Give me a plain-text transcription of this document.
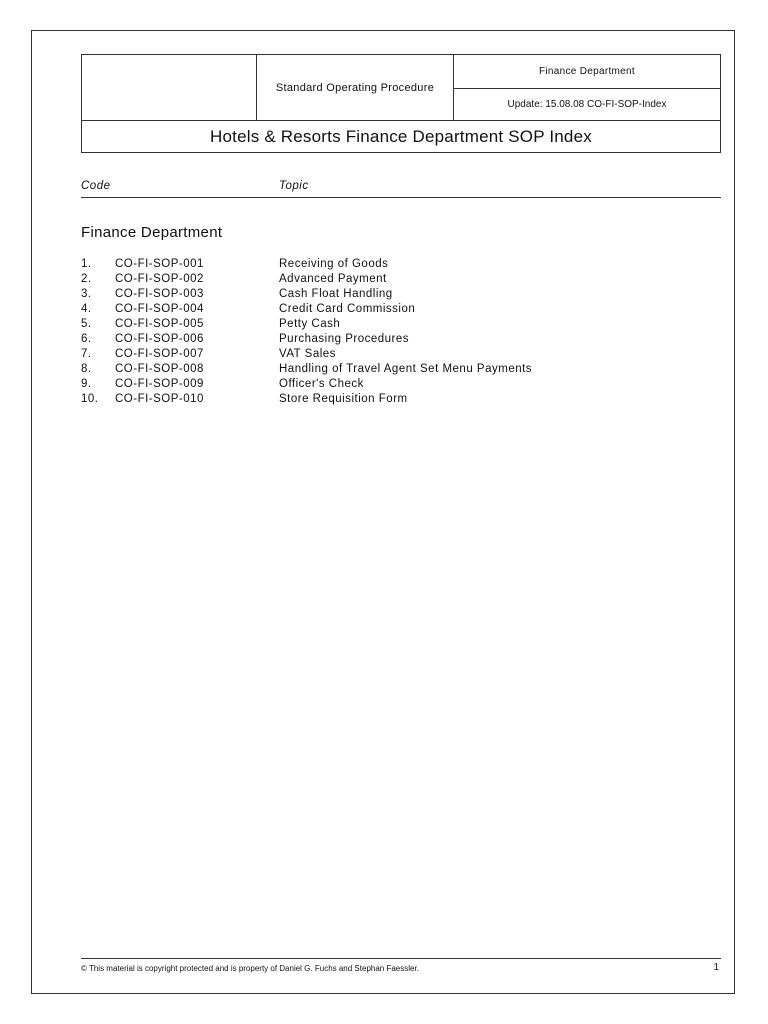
Standard Operating Procedure
Finance Department
Update: 15.08.08 CO-FI-SOP-Index
Hotels & Resorts Finance Department SOP Index
Code	Topic
Finance Department
1. CO-FI-SOP-001	Receiving of Goods
2. CO-FI-SOP-002	Advanced Payment
3. CO-FI-SOP-003	Cash Float Handling
4. CO-FI-SOP-004	Credit Card Commission
5. CO-FI-SOP-005	Petty Cash
6. CO-FI-SOP-006	Purchasing Procedures
7. CO-FI-SOP-007	VAT Sales
8. CO-FI-SOP-008	Handling of Travel Agent Set Menu Payments
9. CO-FI-SOP-009	Officer's Check
10. CO-FI-SOP-010	Store Requisition Form
© This material is copyright protected and is property of Daniel G. Fuchs and Stephan Faessler.	1
